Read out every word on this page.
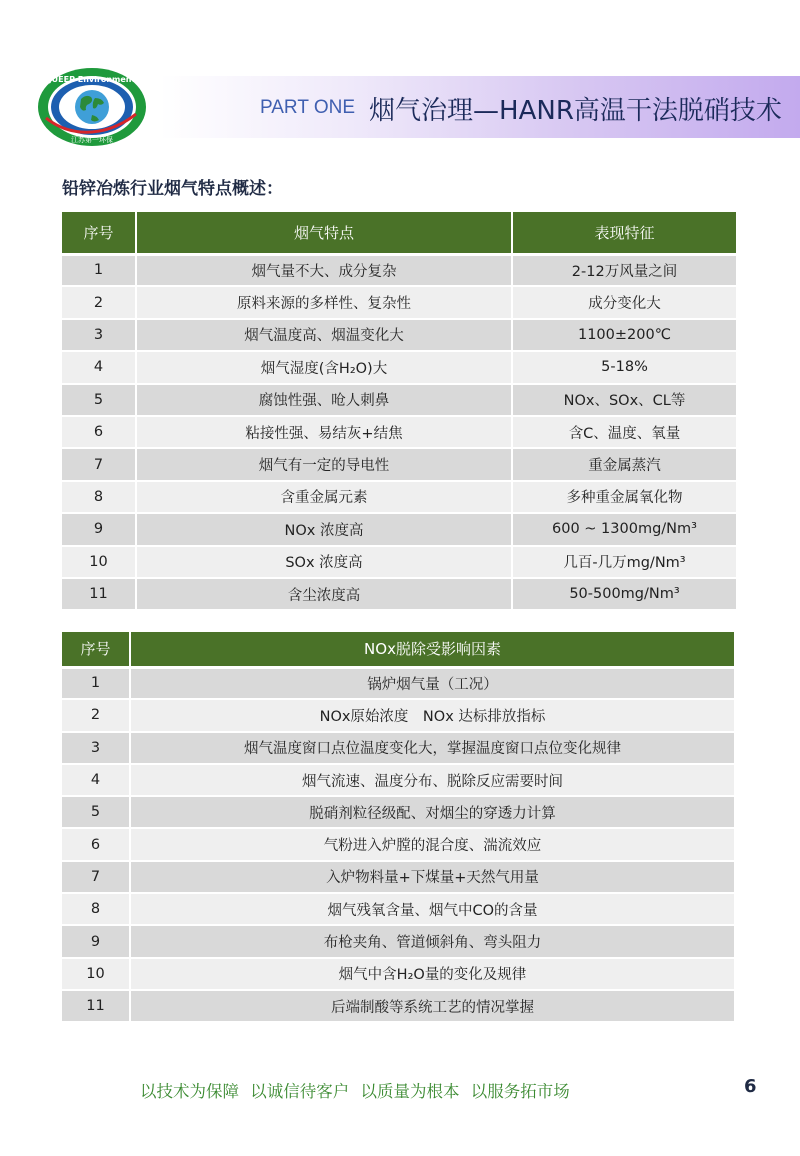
JUEEP Environment
江苏第一环保
PART ONE 烟气治理—HANR高温干法脱硝技术
铅锌冶炼行业烟气特点概述：
序号	烟气特点	表现特征
1	烟气量不大、成分复杂	2-12万风量之间
2	原料来源的多样性、复杂性	成分变化大
3	烟气温度高、烟温变化大	1100±200℃
4	烟气湿度(含H₂O)大	5-18%
5	腐蚀性强、呛人刺鼻	NOx、SOx、CL等
6	粘接性强、易结灰+结焦	含C、温度、氧量
7	烟气有一定的导电性	重金属蒸汽
8	含重金属元素	多种重金属氧化物
9	NOx 浓度高	600 ~ 1300mg/Nm³
10	SOx 浓度高	几百-几万mg/Nm³
11	含尘浓度高	50-500mg/Nm³
序号	NOx脱除受影响因素
1	锅炉烟气量（工况）
2	NOx原始浓度　NOx 达标排放指标
3	烟气温度窗口点位温度变化大，掌握温度窗口点位变化规律
4	烟气流速、温度分布、脱除反应需要时间
5	脱硝剂粒径级配、对烟尘的穿透力计算
6	气粉进入炉膛的混合度、湍流效应
7	入炉物料量+下煤量+天然气用量
8	烟气残氧含量、烟气中CO的含量
9	布枪夹角、管道倾斜角、弯头阻力
10	烟气中含H₂O量的变化及规律
11	后端制酸等系统工艺的情况掌握
以技术为保障 以诚信待客户 以质量为根本 以服务拓市场	6
